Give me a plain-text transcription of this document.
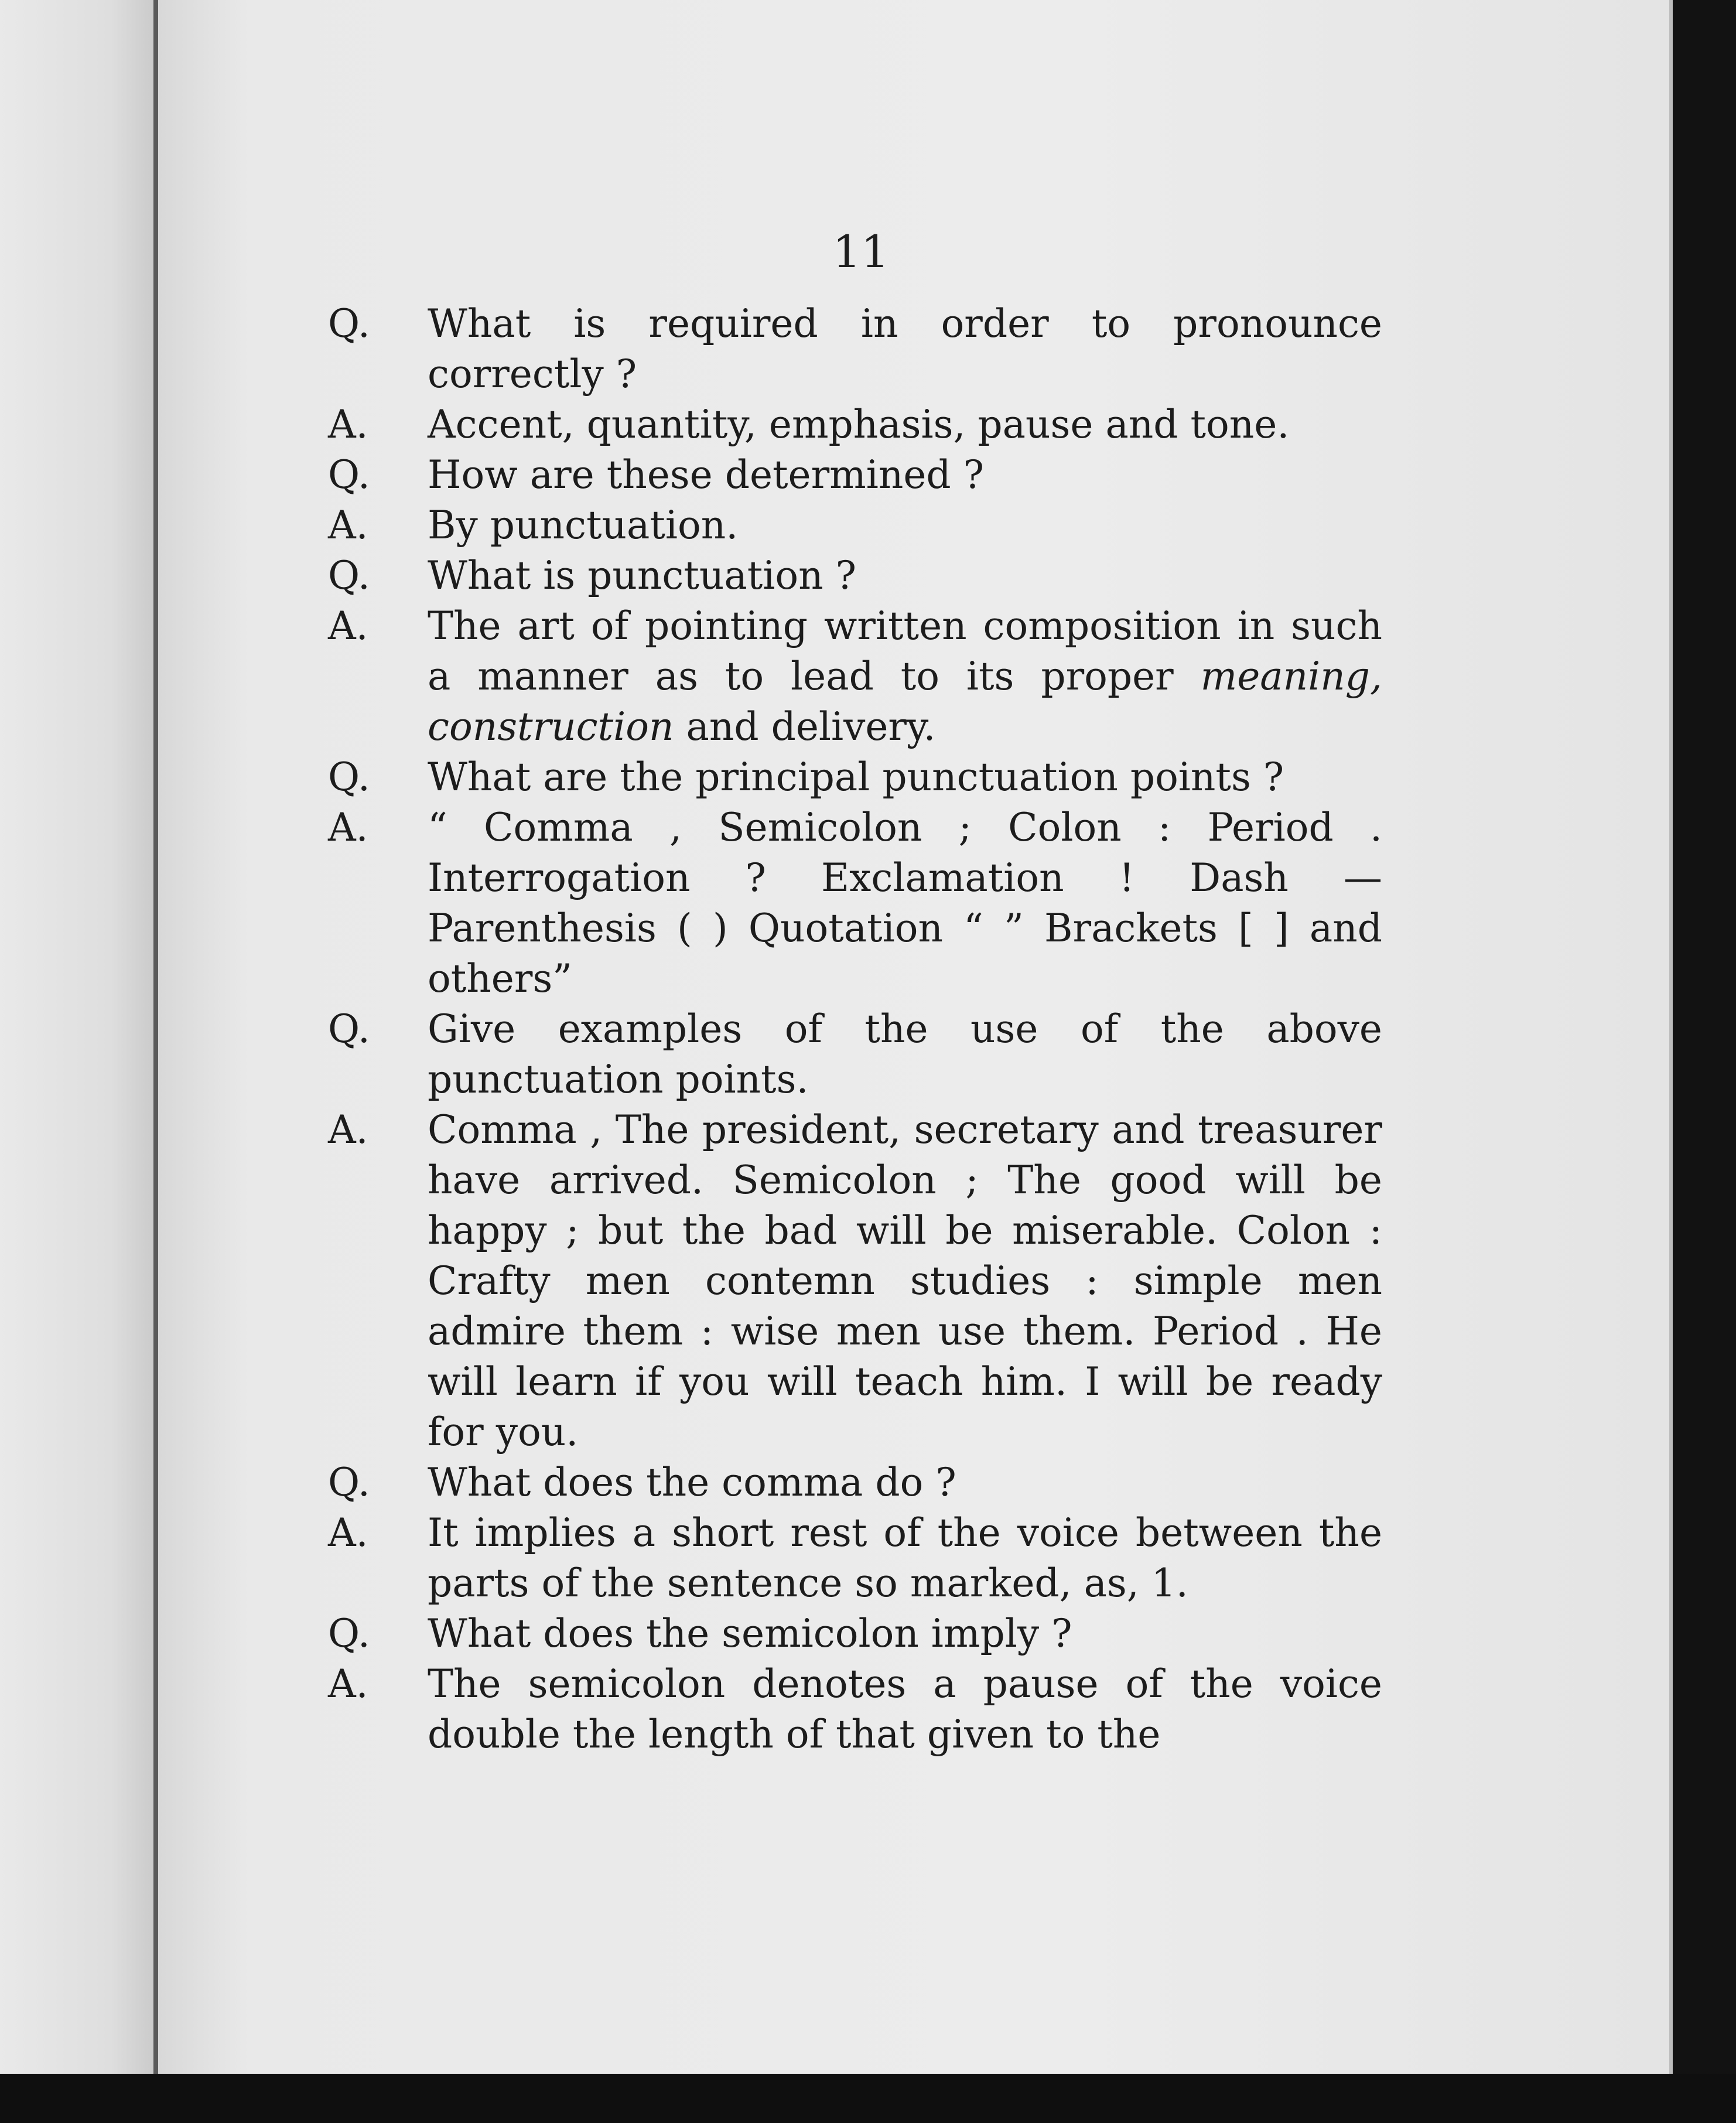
11
Q.	What is required in order to pronounce correctly ?
A.	Accent, quantity, emphasis, pause and tone.
Q.	How are these determined ?
A.	By punctuation.
Q.	What is punctuation ?
A.	The art of pointing written composition in such a manner as to lead to its proper meaning, construction and delivery.
Q.	What are the principal punctuation points ?
A.	“ Comma , Semicolon ; Colon : Period . Interrogation ? Exclamation ! Dash — Parenthesis ( ) Quotation “ ” Brackets [ ] and others”
Q.	Give examples of the use of the above punctuation points.
A.	Comma , The president, secretary and treasurer have arrived. Semicolon ; The good will be happy ; but the bad will be miserable. Colon : Crafty men contemn studies : simple men admire them : wise men use them. Period . He will learn if you will teach him. I will be ready for you.
Q.	What does the comma do ?
A.	It implies a short rest of the voice between the parts of the sentence so marked, as, 1.
Q.	What does the semicolon imply ?
A.	The semicolon denotes a pause of the voice double the length of that given to the
